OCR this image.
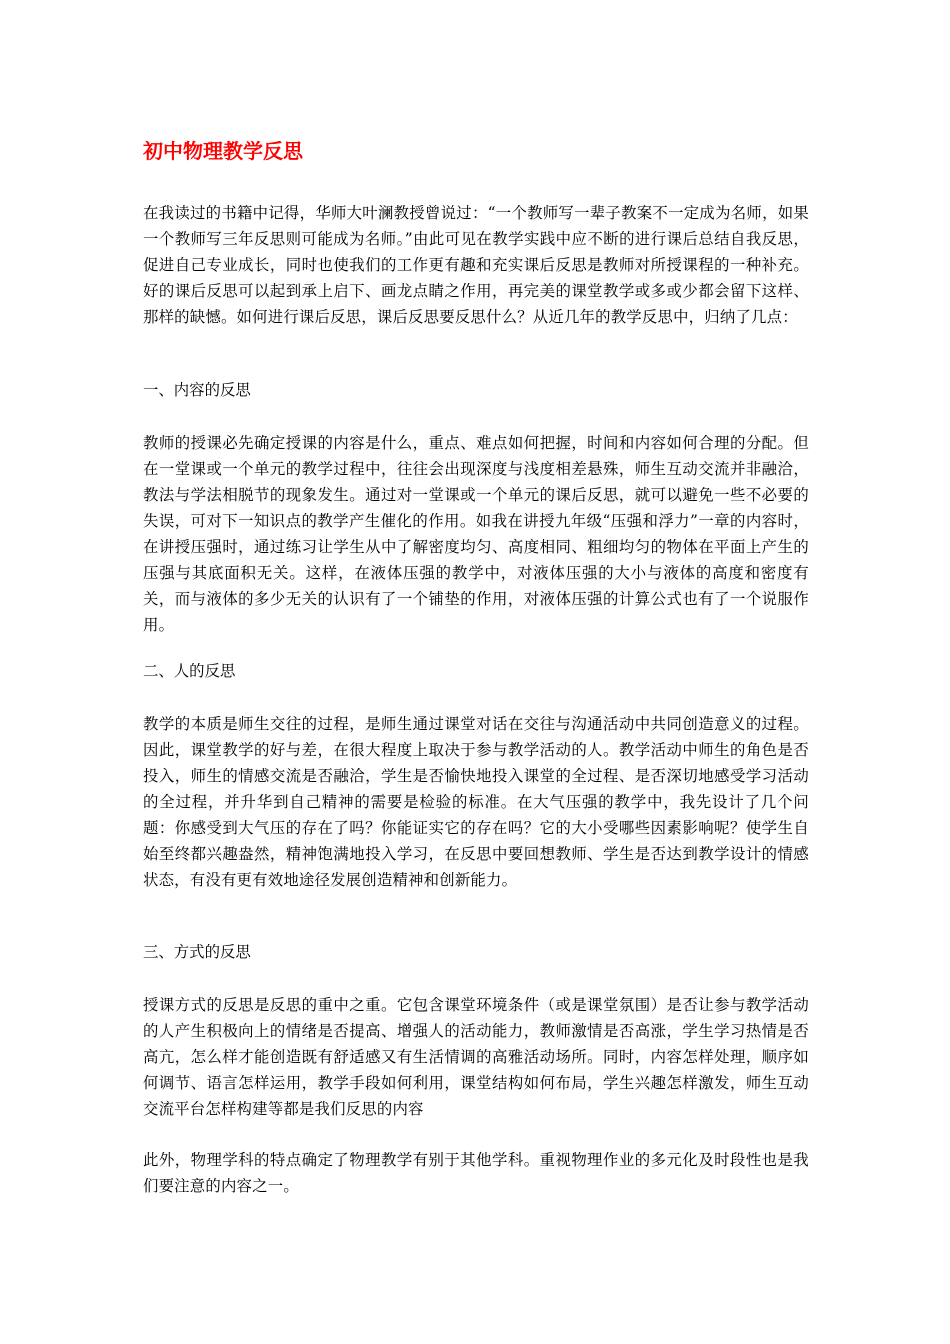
初中物理教学反思

在我读过的书籍中记得，华师大叶澜教授曾说过：“一个教师写一辈子教案不一定成为名师，如果一个教师写三年反思则可能成为名师。”由此可见在教学实践中应不断的进行课后总结自我反思，促进自己专业成长，同时也使我们的工作更有趣和充实课后反思是教师对所授课程的一种补充。好的课后反思可以起到承上启下、画龙点睛之作用，再完美的课堂教学或多或少都会留下这样、那样的缺憾。如何进行课后反思，课后反思要反思什么？从近几年的教学反思中，归纳了几点：

一、内容的反思

教师的授课必先确定授课的内容是什么，重点、难点如何把握，时间和内容如何合理的分配。但在一堂课或一个单元的教学过程中，往往会出现深度与浅度相差悬殊，师生互动交流并非融洽，教法与学法相脱节的现象发生。通过对一堂课或一个单元的课后反思，就可以避免一些不必要的失误，可对下一知识点的教学产生催化的作用。如我在讲授九年级“压强和浮力”一章的内容时，在讲授压强时，通过练习让学生从中了解密度均匀、高度相同、粗细均匀的物体在平面上产生的压强与其底面积无关。这样，在液体压强的教学中，对液体压强的大小与液体的高度和密度有关，而与液体的多少无关的认识有了一个铺垫的作用，对液体压强的计算公式也有了一个说服作用。

二、人的反思

教学的本质是师生交往的过程，是师生通过课堂对话在交往与沟通活动中共同创造意义的过程。因此，课堂教学的好与差，在很大程度上取决于参与教学活动的人。教学活动中师生的角色是否投入，师生的情感交流是否融洽，学生是否愉快地投入课堂的全过程、是否深切地感受学习活动的全过程，并升华到自己精神的需要是检验的标准。在大气压强的教学中，我先设计了几个问题：你感受到大气压的存在了吗？你能证实它的存在吗？它的大小受哪些因素影响呢？使学生自始至终都兴趣盎然，精神饱满地投入学习，在反思中要回想教师、学生是否达到教学设计的情感状态，有没有更有效地途径发展创造精神和创新能力。

三、方式的反思

授课方式的反思是反思的重中之重。它包含课堂环境条件（或是课堂氛围）是否让参与教学活动的人产生积极向上的情绪是否提高、增强人的活动能力，教师激情是否高涨，学生学习热情是否高亢，怎么样才能创造既有舒适感又有生活情调的高雅活动场所。同时，内容怎样处理，顺序如何调节、语言怎样运用，教学手段如何利用，课堂结构如何布局，学生兴趣怎样激发，师生互动交流平台怎样构建等都是我们反思的内容

此外，物理学科的特点确定了物理教学有别于其他学科。重视物理作业的多元化及时段性也是我们要注意的内容之一。
